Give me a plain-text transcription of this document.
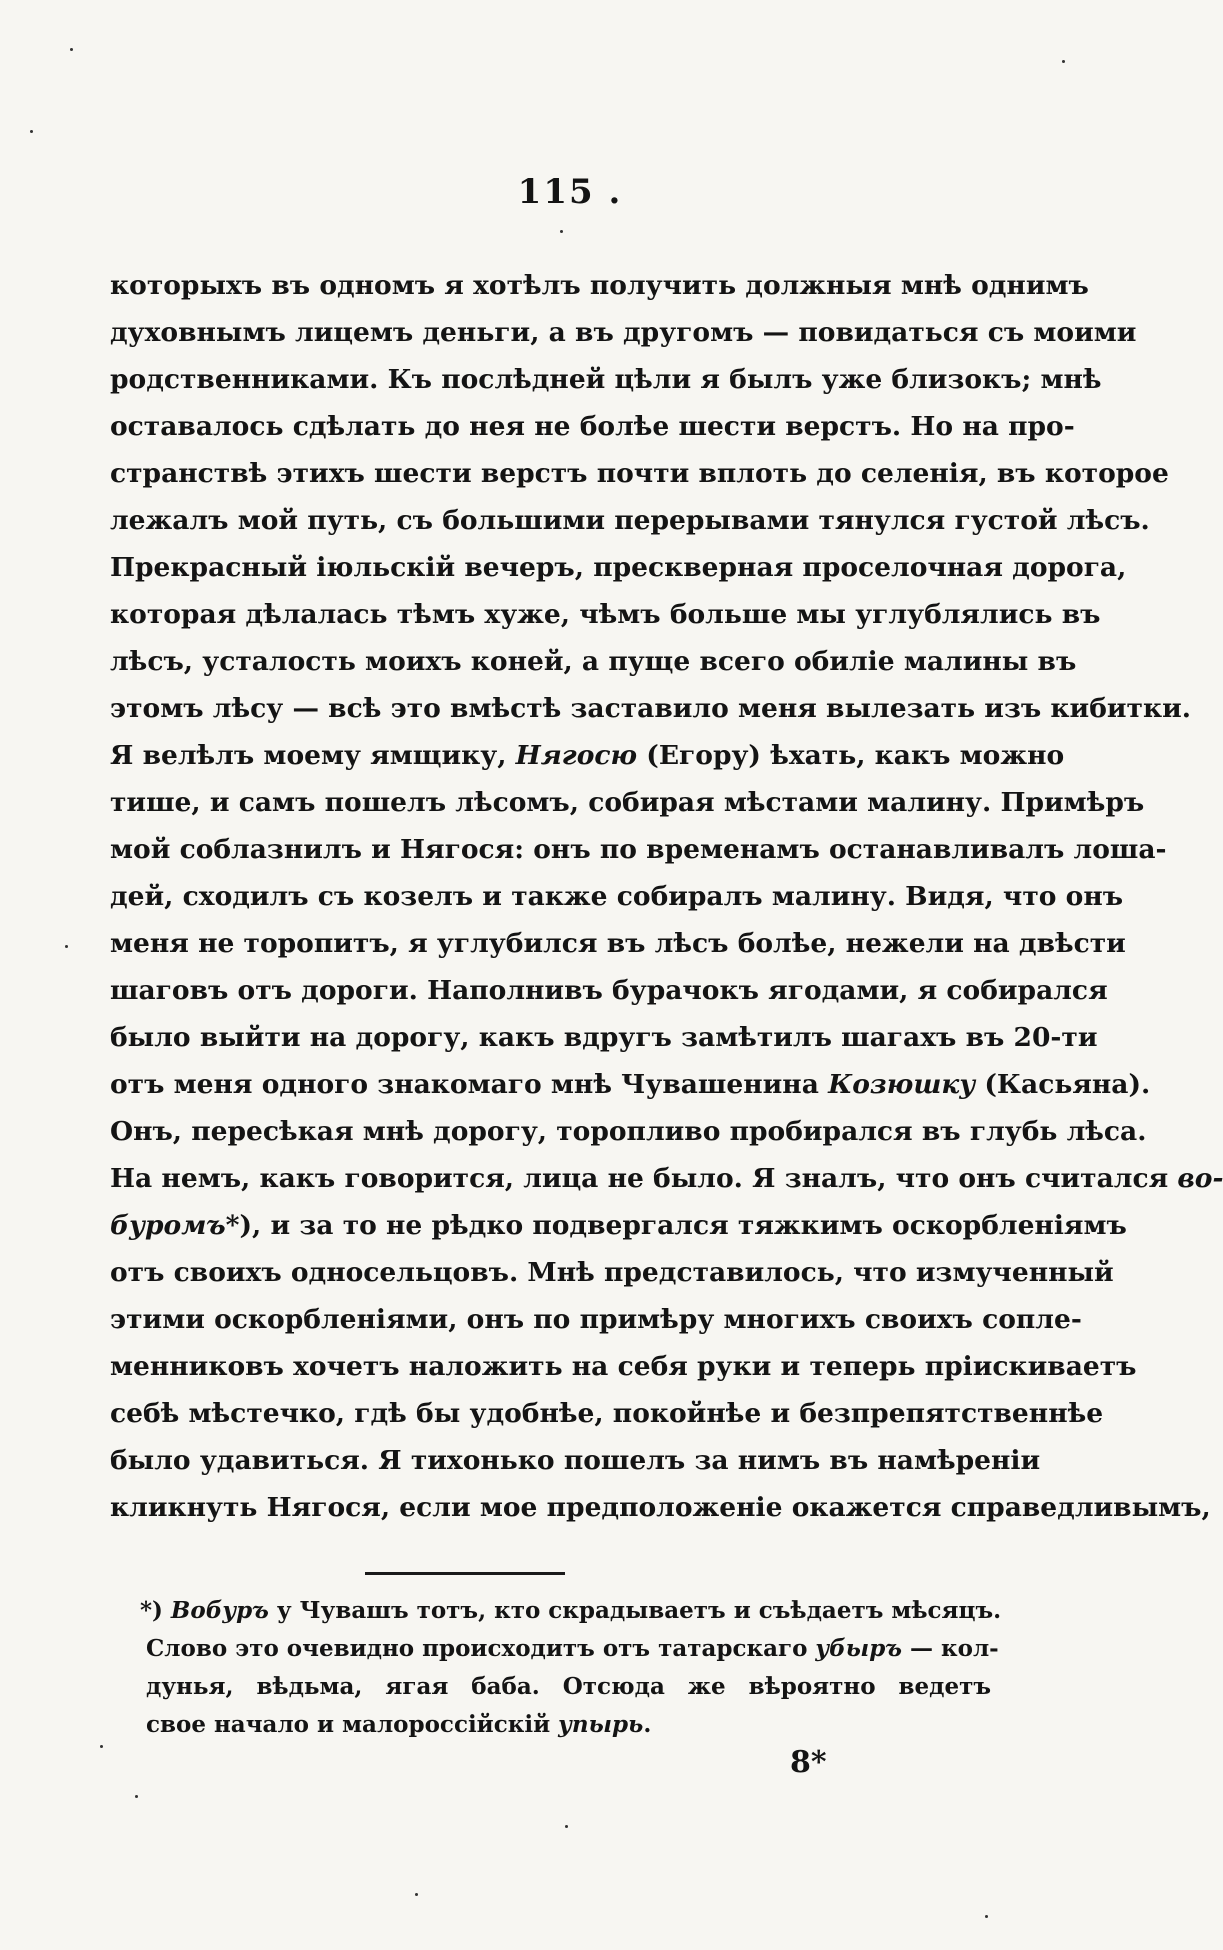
115 .
которыхъ въ одномъ я хотѣлъ получить должныя мнѣ однимъ
духовнымъ лицемъ деньги, а въ другомъ — повидаться съ моими
родственниками. Къ послѣдней цѣли я былъ уже близокъ; мнѣ
оставалось сдѣлать до нея не болѣе шести верстъ. Но на про-
странствѣ этихъ шести верстъ почти вплоть до селенія, въ которое
лежалъ мой путь, съ большими перерывами тянулся густой лѣсъ.
Прекрасный іюльскій вечеръ, прескверная проселочная дорога,
которая дѣлалась тѣмъ хуже, чѣмъ больше мы углублялись въ
лѣсъ, усталость моихъ коней, а пуще всего обиліе малины въ
этомъ лѣсу — всѣ это вмѣстѣ заставило меня вылезать изъ кибитки.
Я велѣлъ моему ямщику, Нягосю (Егору) ѣхать, какъ можно
тише, и самъ пошелъ лѣсомъ, собирая мѣстами малину. Примѣръ
мой соблазнилъ и Нягося: онъ по временамъ останавливалъ лоша-
дей, сходилъ съ козелъ и также собиралъ малину. Видя, что онъ
меня не торопитъ, я углубился въ лѣсъ болѣе, нежели на двѣсти
шаговъ отъ дороги. Наполнивъ бурачокъ ягодами, я собирался
было выйти на дорогу, какъ вдругъ замѣтилъ шагахъ въ 20-ти
отъ меня одного знакомаго мнѣ Чувашенина Козюшку (Касьяна).
Онъ, пересѣкая мнѣ дорогу, торопливо пробирался въ глубь лѣса.
На немъ, какъ говорится, лица не было. Я зналъ, что онъ считался во-
буромъ*), и за то не рѣдко подвергался тяжкимъ оскорбленіямъ
отъ своихъ односельцовъ. Мнѣ представилось, что измученный
этими оскорбленіями, онъ по примѣру многихъ своихъ сопле-
менниковъ хочетъ наложить на себя руки и теперь пріискиваетъ
себѣ мѣстечко, гдѣ бы удобнѣе, покойнѣе и безпрепятственнѣе
было удавиться. Я тихонько пошелъ за нимъ въ намѣреніи
кликнуть Нягося, если мое предположеніе окажется справедливымъ,
*) Вобуръ у Чувашъ тотъ, кто скрадываетъ и съѣдаетъ мѣсяцъ.
Слово это очевидно происходитъ отъ татарскаго убыръ — кол-
дунья, вѣдьма, ягая баба. Отсюда же вѣроятно ведетъ
свое начало и малороссійскій упырь.
8*
